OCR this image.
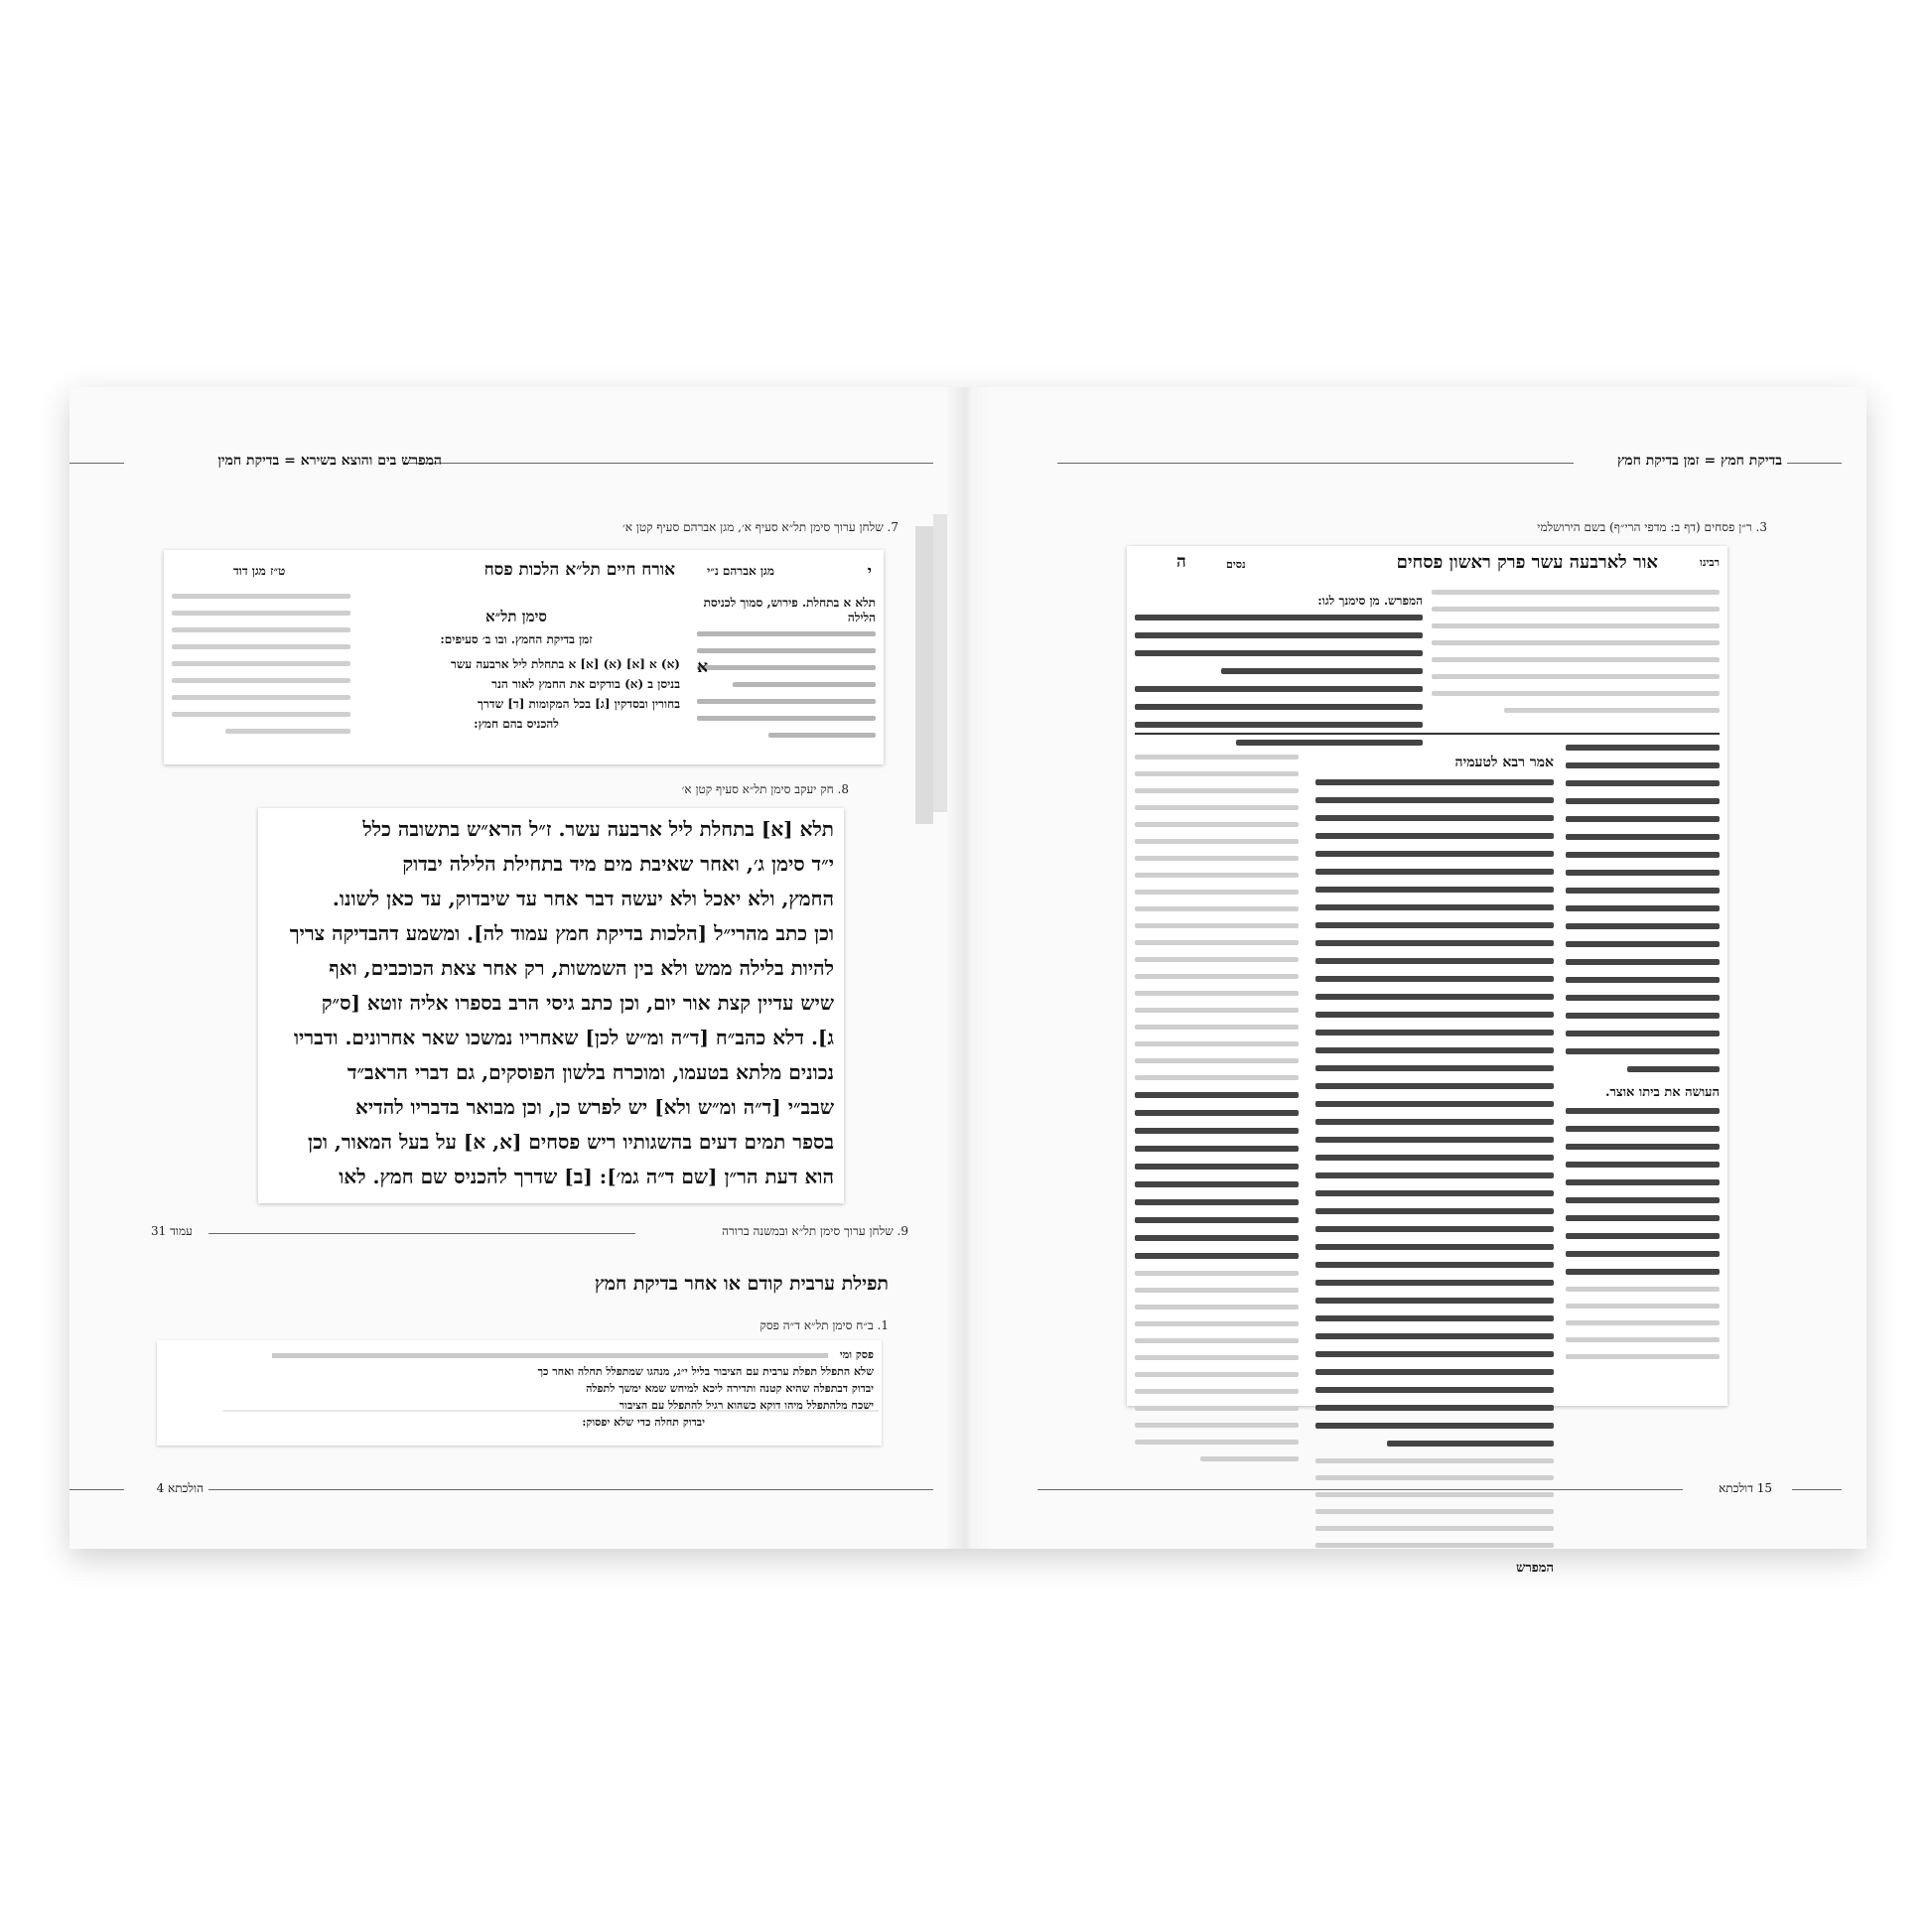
המפרש בים והוצא בשירא = בדיקת חמין
7. שלחן ערוך סימן תל״א סעיף א׳, מגן אברהם סעיף קטן א׳
י
מגן אברהם נ״י
אורח חיים תל״א הלכות פסח
ט״ז מגן דוד
תלא א בתחלת. פירוש, סמוך לכניסת הלילה
סימן תל״א
זמן בדיקת החמץ. ובו ב׳ סעיפים:
א
(א) א [א] (א) [א] א בתחלת ליל ארבעה עשר
בניסן ב (א) בודקים את החמץ לאור הנר
בחורין ובסדקין [ג] בכל המקומות [ד] שדרך
להכניס בהם חמץ:
8. חק יעקב סימן תל״א סעיף קטן א׳

תלא [א] בתחלת ליל ארבעה עשר. ז״ל הרא״ש בתשובה כלל

י״ד סימן ג׳, ואחר שאיבת מים מיד בתחילת הלילה יבדוק

החמץ, ולא יאכל ולא יעשה דבר אחר עד שיבדוק, עד כאן לשונו.

וכן כתב מהרי״ל [הלכות בדיקת חמץ עמוד לה]. ומשמע דהבדיקה צריך

להיות בלילה ממש ולא בין השמשות, רק אחר צאת הכוכבים, ואף

שיש עדיין קצת אור יום, וכן כתב גיסי הרב בספרו אליה זוטא [ס״ק

ג]. דלא כהב״ח [ד״ה ומ״ש לכן] שאחריו נמשכו שאר אחרונים. ודבריו

נכונים מלתא בטעמו, ומוכרח בלשון הפוסקים, גם דברי הראב״ד

שבב״י [ד״ה ומ״ש ולא] יש לפרש כן, וכן מבואר בדבריו להדיא

בספר תמים דעים בהשגותיו ריש פסחים [א, א] על בעל המאור, וכן

הוא דעת הר״ן [שם ד״ה גמ׳]: [ב] שדרך להכניס שם חמץ. לאו

9. שלחן ערוך סימן תל״א ובמשנה ברורה
עמוד 31
תפילת ערבית קודם או אחר בדיקת חמץ
1. ב״ח סימן תל״א ד״ה פסק
פסק ומי
שלא התפלל תפלת ערבית עם הציבור בליל י״ג, מנהגו שמתפלל תחלה ואחר כך
יבדוק דבתפלה שהיא קטנה ותדירה ליכא למיחש שמא ימשך לתפלה
ישכח מלהתפלל מיהו דוקא כשהוא רגיל להתפלל עם הציבור
יבדוק תחלה כדי שלא יפסוק:
הולכתא 4
בדיקת חמץ = זמן בדיקת חמץ
3. ר״ן פסחים (דף ב: מדפי הרי״ף) בשם הירושלמי
רבינו
אור לארבעה עשר פרק ראשון פסחים
נסים
ה
המפרש. מן סימנך לגו:
העושה את ביתו אוצר.
אמר רבא לטעמיה
המפרש
15 דולכתא
